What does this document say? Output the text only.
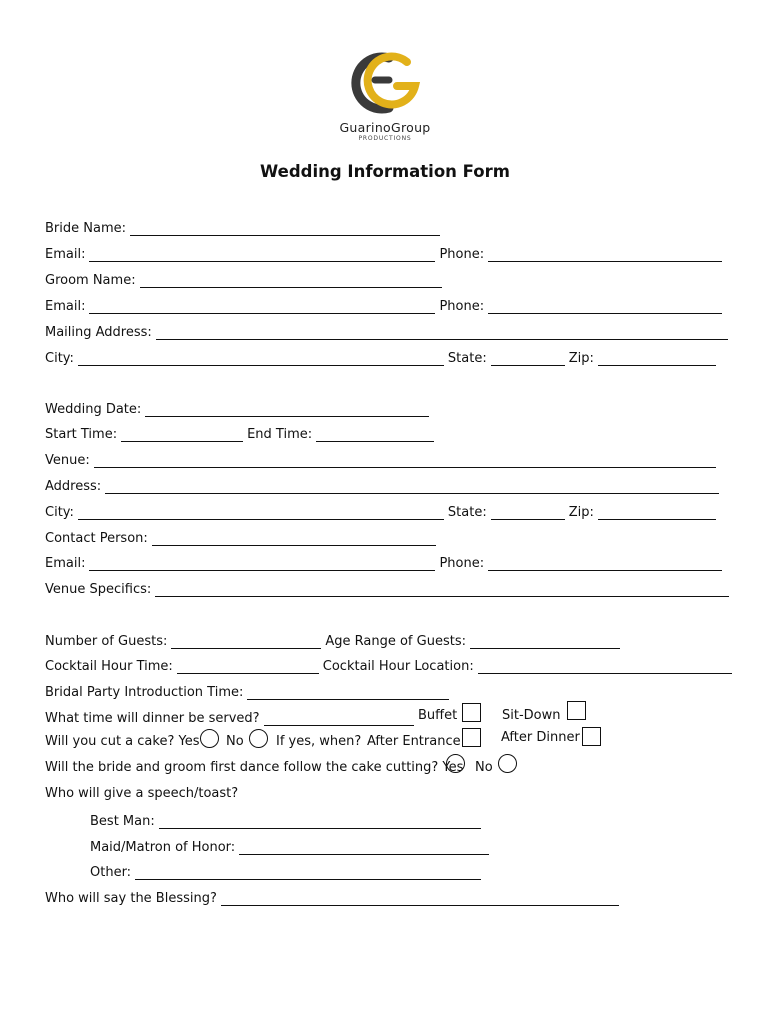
GuarinoGroup
PRODUCTIONS
Wedding Information Form
Bride Name:
Email:	Phone:
Groom Name:
Email:	Phone:
Mailing Address:
City:	State:	Zip:
Wedding Date:
Start Time:	End Time:
Venue:
Address:
City:	State:	Zip:
Contact Person:
Email:	Phone:
Venue Specifics:
Number of Guests:	Age Range of Guests:
Cocktail Hour Time:	Cocktail Hour Location:
Bridal Party Introduction Time:
What time will dinner be served?	Buffet	Sit-Down
Will you cut a cake? Yes No If yes, when? After Entrance	After Dinner
Will the bride and groom first dance follow the cake cutting? Yes No
Who will give a speech/toast?
Best Man:
Maid/Matron of Honor:
Other:
Who will say the Blessing?
